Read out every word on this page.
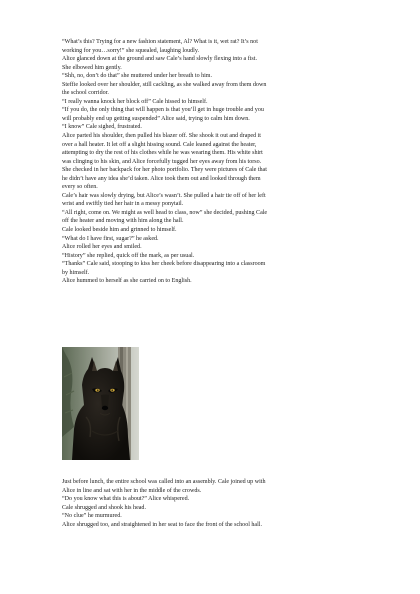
“What’s this? Trying for a new fashion statement, Al? What is it, wet rat? It’s not
working for you…sorry!” she squealed, laughing loudly.
Alice glanced down at the ground and saw Cale’s hand slowly flexing into a fist.
She elbowed him gently.
“Shh, no, don’t do that” she muttered under her breath to him.
Steffie looked over her shoulder, still cackling, as she walked away from them down
the school corridor.
“I really wanna knock her block off” Cale hissed to himself.
“If you do, the only thing that will happen is that you’ll get in huge trouble and you
will probably end up getting suspended” Alice said, trying to calm him down.
“I know” Cale sighed, frustrated.
Alice parted his shoulder, then pulled his blazer off. She shook it out and draped it
over a hall heater. It let off a slight hissing sound. Cale leaned against the heater,
attempting to dry the rest of his clothes while he was wearing them. His white shirt
was clinging to his skin, and Alice forcefully tugged her eyes away from his torso.
She checked in her backpack for her photo portfolio. They were pictures of Cale that
he didn’t have any idea she’d taken. Alice took them out and looked through them
every so often.
Cale’s hair was slowly drying, but Alice’s wasn’t. She pulled a hair tie off of her left
wrist and swiftly tied her hair in a messy ponytail.
“All right, come on. We might as well head to class, now” she decided, pushing Cale
off the heater and moving with him along the hall.
Cale looked beside him and grinned to himself.
“What do I have first, sugar?” he asked.
Alice rolled her eyes and smiled.
“History” she replied, quick off the mark, as per usual.
“Thanks” Cale said, stooping to kiss her cheek before disappearing into a classroom
by himself.
Alice hummed to herself as she carried on to English.
Just before lunch, the entire school was called into an assembly. Cale joined up with
Alice in line and sat with her in the middle of the crowds.
“Do you know what this is about?” Alice whispered.
Cale shrugged and shook his head.
“No clue” he murmured.
Alice shrugged too, and straightened in her seat to face the front of the school hall.
